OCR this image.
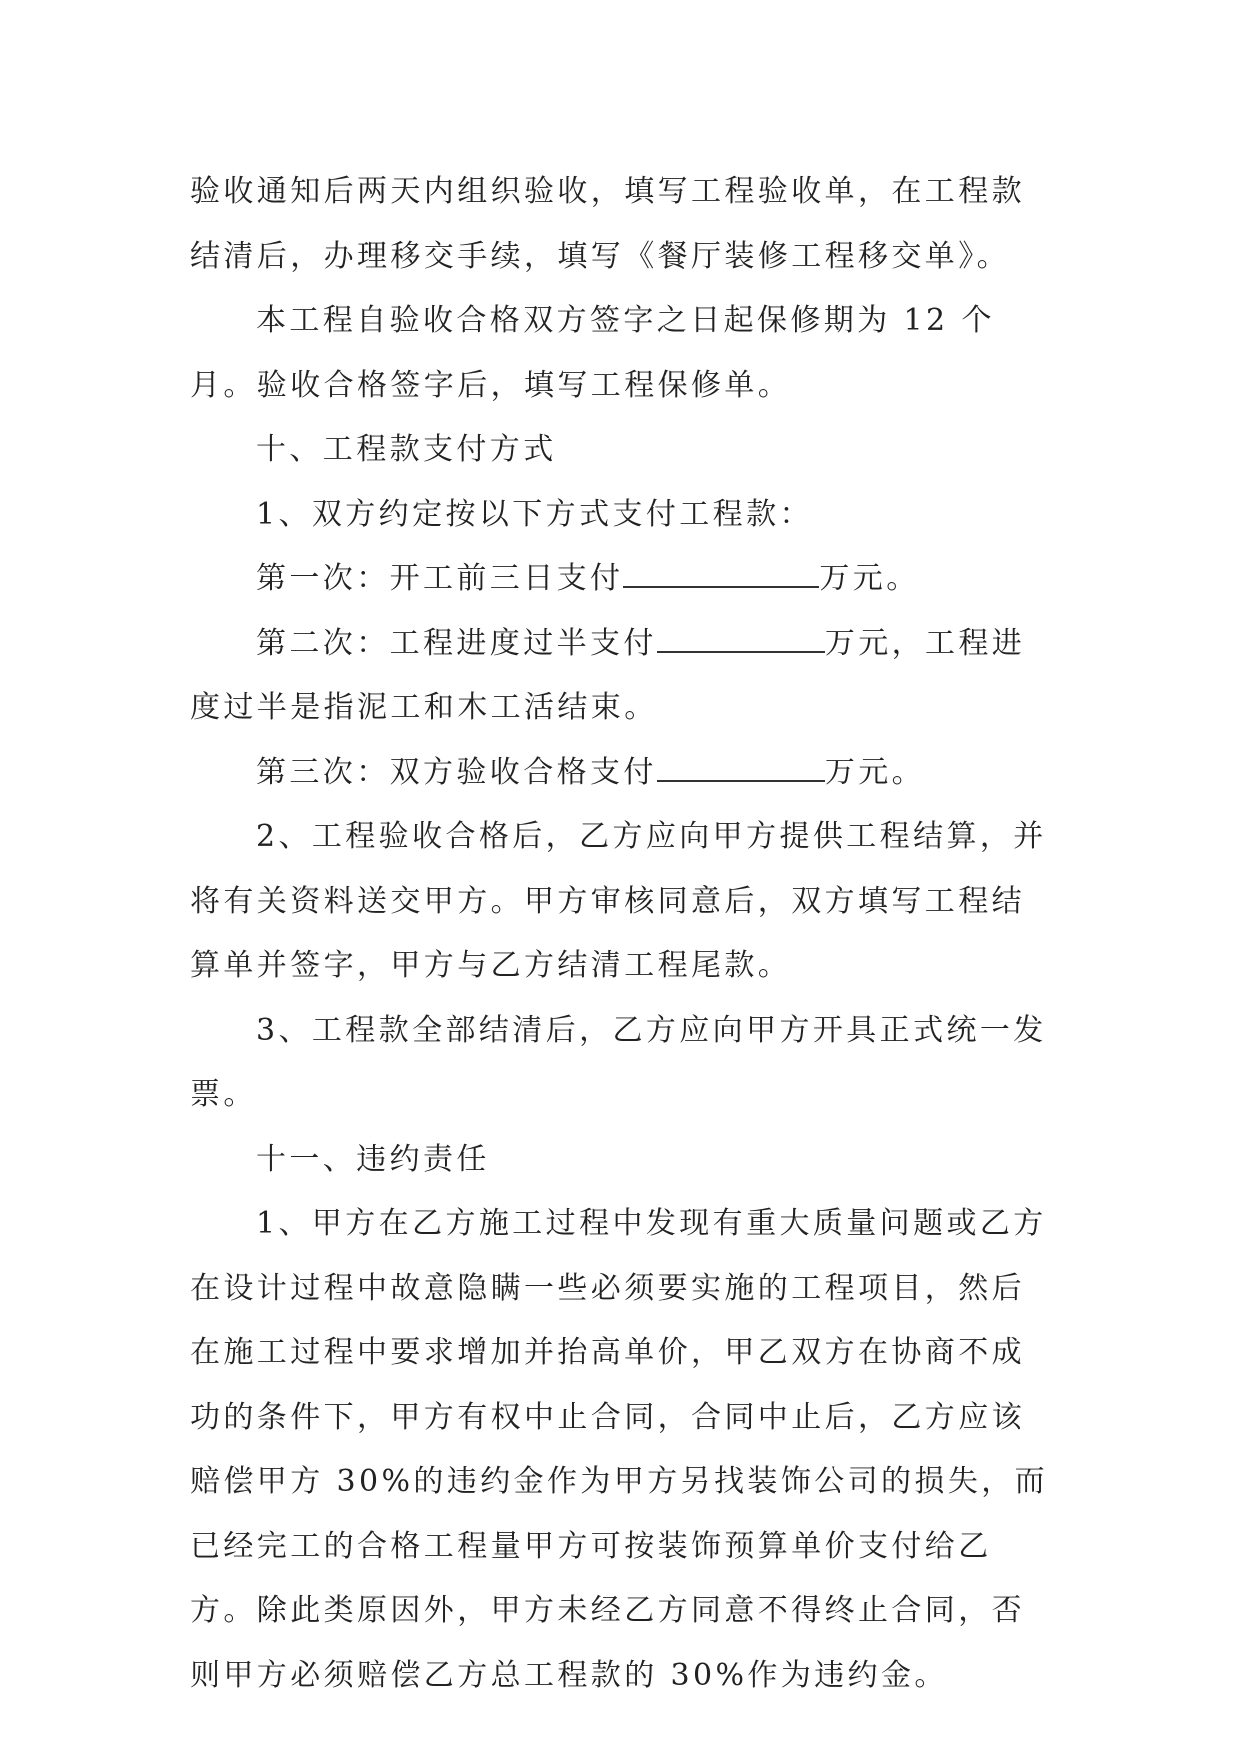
验收通知后两天内组织验收，填写工程验收单，在工程款结清后，办理移交手续，填写《餐厅装修工程移交单》。

本工程自验收合格双方签字之日起保修期为 12 个月。验收合格签字后，填写工程保修单。

十、工程款支付方式

1、双方约定按以下方式支付工程款：

第一次：开工前三日支付	万元。

第二次：工程进度过半支付	万元，工程进度过半是指泥工和木工活结束。

第三次：双方验收合格支付	万元。

2、工程验收合格后，乙方应向甲方提供工程结算，并将有关资料送交甲方。甲方审核同意后，双方填写工程结算单并签字，甲方与乙方结清工程尾款。

3、工程款全部结清后，乙方应向甲方开具正式统一发票。

十一、违约责任

1、甲方在乙方施工过程中发现有重大质量问题或乙方在设计过程中故意隐瞒一些必须要实施的工程项目，然后在施工过程中要求增加并抬高单价，甲乙双方在协商不成功的条件下，甲方有权中止合同，合同中止后，乙方应该赔偿甲方 30%的违约金作为甲方另找装饰公司的损失，而已经完工的合格工程量甲方可按装饰预算单价支付给乙方。除此类原因外，甲方未经乙方同意不得终止合同，否则甲方必须赔偿乙方总工程款的 30%作为违约金。
